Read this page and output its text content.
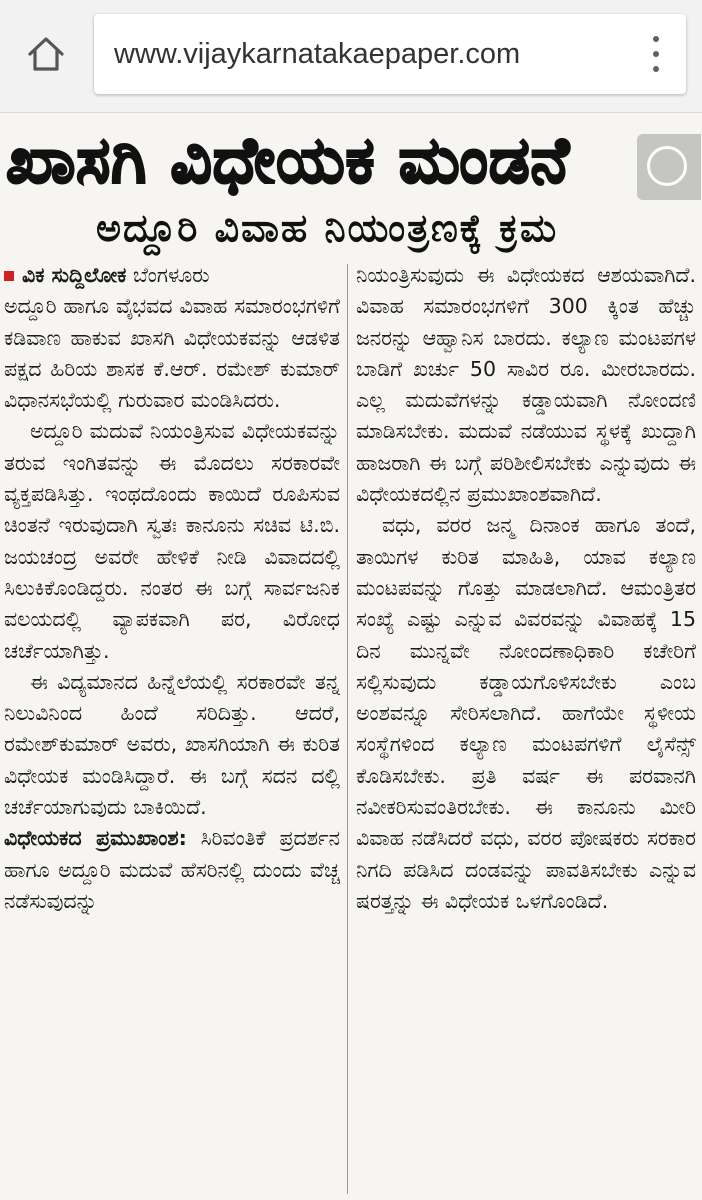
www.vijaykarnatakaepaper.com
ಖಾಸಗಿ ವಿಧೇಯಕ ಮಂಡನೆ
ಅದ್ದೂರಿ ವಿವಾಹ ನಿಯಂತ್ರಣಕ್ಕೆ ಕ್ರಮ
ವಿಕ ಸುದ್ದಿಲೋಕ ಬೆಂಗಳೂರು

ಅದ್ದೂರಿ ಹಾಗೂ ವೈಭವದ ವಿವಾಹ ಸಮಾರಂಭಗಳಿಗೆ ಕಡಿವಾಣ ಹಾಕುವ ಖಾಸಗಿ ವಿಧೇಯಕವನ್ನು ಆಡಳಿತ ಪಕ್ಷದ ಹಿರಿಯ ಶಾಸಕ ಕೆ.ಆರ್. ರಮೇಶ್ ಕುಮಾರ್ ವಿಧಾನಸಭೆಯಲ್ಲಿ ಗುರುವಾರ ಮಂಡಿಸಿದರು.

ಅದ್ದೂರಿ ಮದುವೆ ನಿಯಂತ್ರಿಸುವ ವಿಧೇಯಕವನ್ನು ತರುವ ಇಂಗಿತವನ್ನು ಈ ಮೊದಲು ಸರಕಾರವೇ ವ್ಯಕ್ತಪಡಿಸಿತ್ತು. ಇಂಥದೊಂದು ಕಾಯಿದೆ ರೂಪಿಸುವ ಚಿಂತನೆ ಇರುವುದಾಗಿ ಸ್ವತಃ ಕಾನೂನು ಸಚಿವ ಟಿ.ಬಿ. ಜಯಚಂದ್ರ ಅವರೇ ಹೇಳಿಕೆ ನೀಡಿ ವಿವಾದದಲ್ಲಿ ಸಿಲುಕಿಕೊಂಡಿದ್ದರು. ನಂತರ ಈ ಬಗ್ಗೆ ಸಾರ್ವಜನಿಕ ವಲಯದಲ್ಲಿ ವ್ಯಾಪಕವಾಗಿ ಪರ, ವಿರೋಧ ಚರ್ಚೆಯಾಗಿತ್ತು.

ಈ ವಿದ್ಯಮಾನದ ಹಿನ್ನೆಲೆಯಲ್ಲಿ ಸರಕಾರವೇ ತನ್ನ ನಿಲುವಿನಿಂದ ಹಿಂದೆ ಸರಿದಿತ್ತು. ಆದರೆ, ರಮೇಶ್‌ಕುಮಾರ್ ಅವರು, ಖಾಸಗಿಯಾಗಿ ಈ ಕುರಿತ ವಿಧೇಯಕ ಮಂಡಿಸಿದ್ದಾರೆ. ಈ ಬಗ್ಗೆ ಸದನ ದಲ್ಲಿ ಚರ್ಚೆಯಾಗುವುದು ಬಾಕಿಯಿದೆ.

ವಿಧೇಯಕದ ಪ್ರಮುಖಾಂಶ: ಸಿರಿವಂತಿಕೆ ಪ್ರದರ್ಶನ ಹಾಗೂ ಅದ್ದೂರಿ ಮದುವೆ ಹೆಸರಿನಲ್ಲಿ ದುಂದು ವೆಚ್ಚ ನಡೆಸುವುದನ್ನು

ನಿಯಂತ್ರಿಸುವುದು ಈ ವಿಧೇಯಕದ ಆಶಯವಾಗಿದೆ. ವಿವಾಹ ಸಮಾರಂಭಗಳಿಗೆ 300 ಕ್ಕಿಂತ ಹೆಚ್ಚು ಜನರನ್ನು ಆಹ್ವಾನಿಸ ಬಾರದು. ಕಲ್ಯಾಣ ಮಂಟಪಗಳ ಬಾಡಿಗೆ ಖರ್ಚು 50 ಸಾವಿರ ರೂ. ಮೀರಬಾರದು. ಎಲ್ಲ ಮದುವೆಗಳನ್ನು ಕಡ್ಡಾಯವಾಗಿ ನೋಂದಣಿ ಮಾಡಿಸಬೇಕು. ಮದುವೆ ನಡೆಯುವ ಸ್ಥಳಕ್ಕೆ ಖುದ್ದಾಗಿ ಹಾಜರಾಗಿ ಈ ಬಗ್ಗೆ ಪರಿಶೀಲಿಸಬೇಕು ಎನ್ನುವುದು ಈ ವಿಧೇಯಕದಲ್ಲಿನ ಪ್ರಮುಖಾಂಶವಾಗಿದೆ.

ವಧು, ವರರ ಜನ್ಮ ದಿನಾಂಕ ಹಾಗೂ ತಂದೆ, ತಾಯಿಗಳ ಕುರಿತ ಮಾಹಿತಿ, ಯಾವ ಕಲ್ಯಾಣ ಮಂಟಪವನ್ನು ಗೊತ್ತು ಮಾಡಲಾಗಿದೆ. ಆಮಂತ್ರಿತರ ಸಂಖ್ಯೆ ಎಷ್ಟು ಎನ್ನುವ ವಿವರವನ್ನು ವಿವಾಹಕ್ಕೆ 15 ದಿನ ಮುನ್ನವೇ ನೋಂದಣಾಧಿಕಾರಿ ಕಚೇರಿಗೆ ಸಲ್ಲಿಸುವುದು ಕಡ್ಡಾಯಗೊಳಿಸಬೇಕು ಎಂಬ ಅಂಶವನ್ನೂ ಸೇರಿಸಲಾಗಿದೆ. ಹಾಗೆಯೇ ಸ್ಥಳೀಯ ಸಂಸ್ಥೆಗಳಿಂದ ಕಲ್ಯಾಣ ಮಂಟಪಗಳಿಗೆ ಲೈಸೆನ್ಸ್ ಕೊಡಿಸಬೇಕು. ಪ್ರತಿ ವರ್ಷ ಈ ಪರವಾನಗಿ ನವೀಕರಿಸುವಂತಿರಬೇಕು. ಈ ಕಾನೂನು ಮೀರಿ ವಿವಾಹ ನಡೆಸಿದರೆ ವಧು, ವರರ ಪೋಷಕರು ಸರಕಾರ ನಿಗದಿ ಪಡಿಸಿದ ದಂಡವನ್ನು ಪಾವತಿಸಬೇಕು ಎನ್ನುವ ಷರತ್ತನ್ನು ಈ ವಿಧೇಯಕ ಒಳಗೊಂಡಿದೆ.
